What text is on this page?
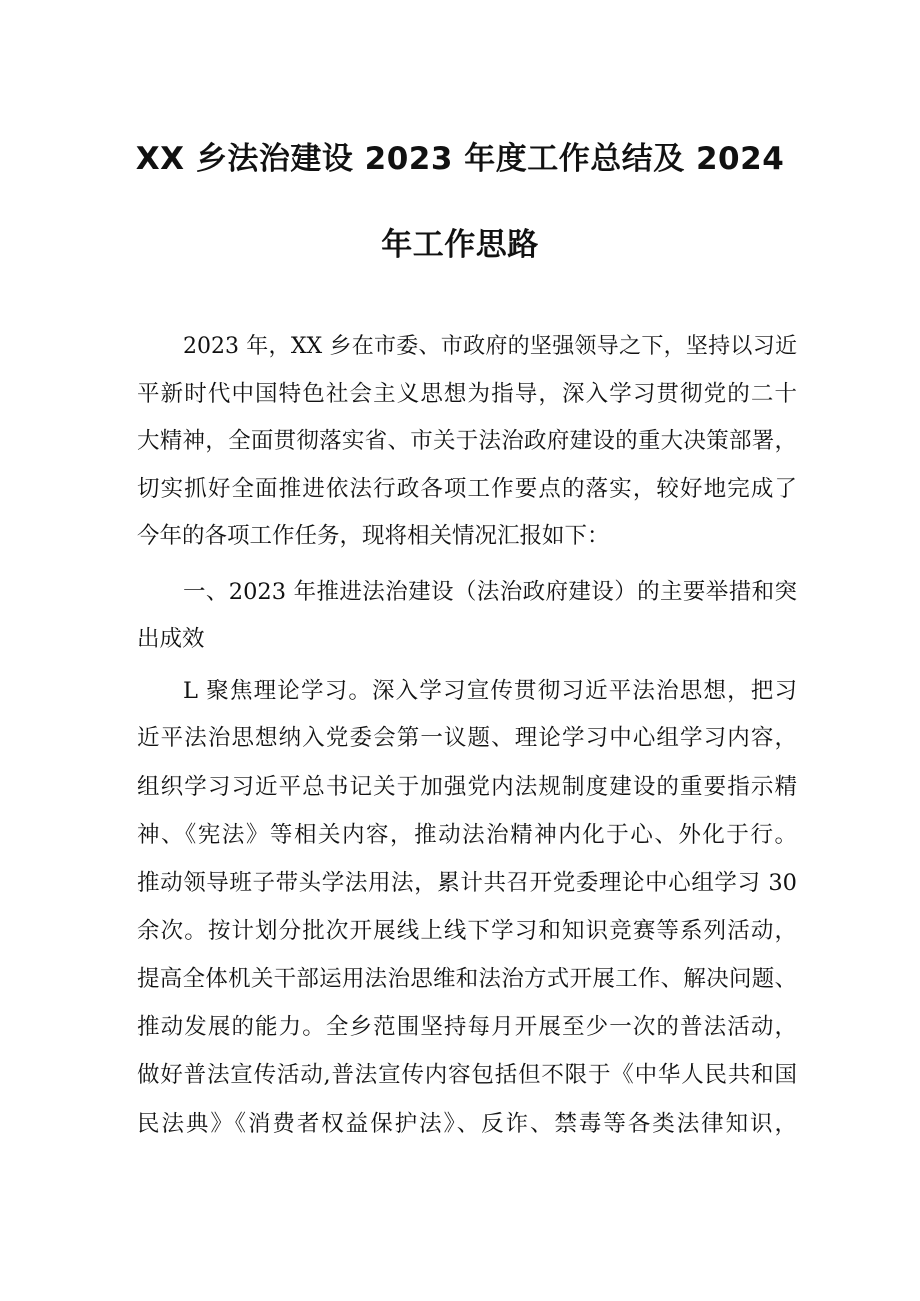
XX 乡法治建设 2023 年度工作总结及 2024
年工作思路
2023 年，XX 乡在市委、市政府的坚强领导之下，坚持以习近
平新时代中国特色社会主义思想为指导，深入学习贯彻党的二十
大精神，全面贯彻落实省、市关于法治政府建设的重大决策部署，
切实抓好全面推进依法行政各项工作要点的落实，较好地完成了
今年的各项工作任务，现将相关情况汇报如下：
一、2023 年推进法治建设（法治政府建设）的主要举措和突
出成效
L 聚焦理论学习。深入学习宣传贯彻习近平法治思想，把习
近平法治思想纳入党委会第一议题、理论学习中心组学习内容，
组织学习习近平总书记关于加强党内法规制度建设的重要指示精
神、《宪法》等相关内容，推动法治精神内化于心、外化于行。
推动领导班子带头学法用法，累计共召开党委理论中心组学习 30
余次。按计划分批次开展线上线下学习和知识竞赛等系列活动，
提高全体机关干部运用法治思维和法治方式开展工作、解决问题、
推动发展的能力。全乡范围坚持每月开展至少一次的普法活动，
做好普法宣传活动,普法宣传内容包括但不限于《中华人民共和国
民法典》《消费者权益保护法》、反诈、禁毒等各类法律知识，
